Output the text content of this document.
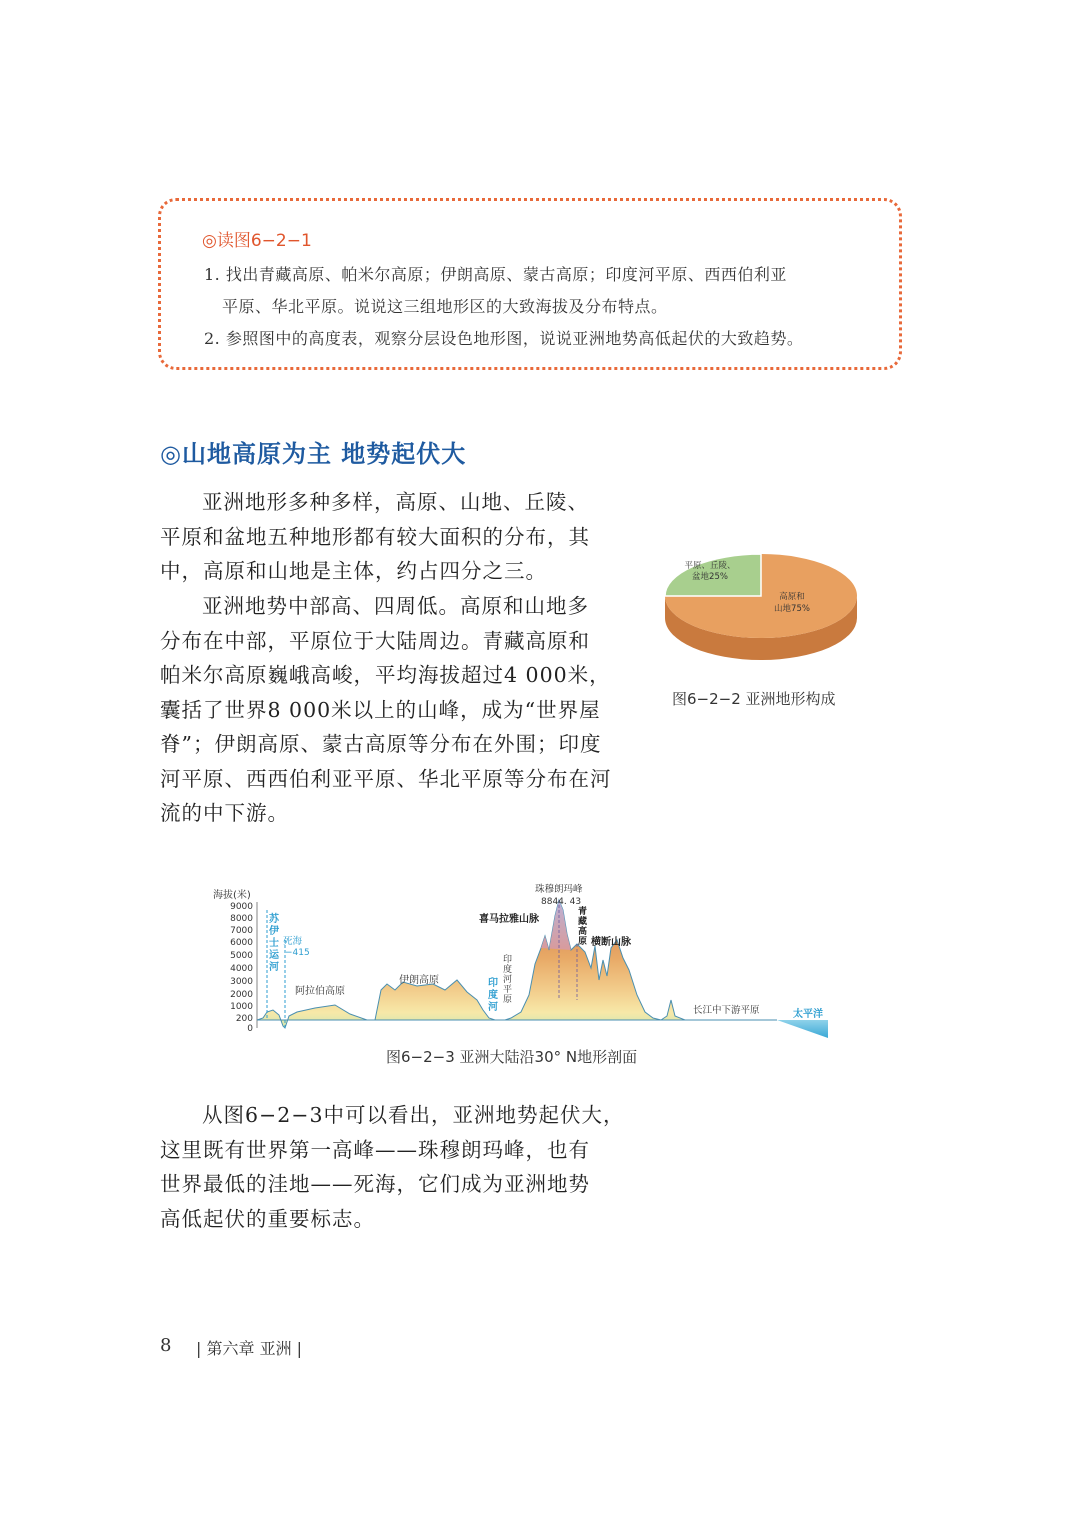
◎读图6−2−1
1. 找出青藏高原、帕米尔高原；伊朗高原、蒙古高原；印度河平原、西西伯利亚
平原、华北平原。说说这三组地形区的大致海拔及分布特点。
2. 参照图中的高度表，观察分层设色地形图，说说亚洲地势高低起伏的大致趋势。
◎山地高原为主 地势起伏大
亚洲地形多种多样，高原、山地、丘陵、
平原和盆地五种地形都有较大面积的分布，其
中，高原和山地是主体，约占四分之三。
亚洲地势中部高、四周低。高原和山地多
分布在中部，平原位于大陆周边。青藏高原和
帕米尔高原巍峨高峻，平均海拔超过4 000米，
囊括了世界8 000米以上的山峰，成为“世界屋
脊”；伊朗高原、蒙古高原等分布在外围；印度
河平原、西西伯利亚平原、华北平原等分布在河
流的中下游。
平原、丘陵、
盆地25%
高原和
山地75%
图6−2−2 亚洲地形构成
海拔(米)
9000
8000
7000
6000
5000
4000
3000
2000
1000
200
0
苏
伊
士
运
河
死海
−415
阿拉伯高原
伊朗高原
印
度
河
平
原
印
度
河
珠穆朗玛峰
8844. 43
喜马拉雅山脉
青
藏
高
原 横断山脉
长江中下游平原	太平洋
图6−2−3 亚洲大陆沿30° N地形剖面
从图6−2−3中可以看出，亚洲地势起伏大，
这里既有世界第一高峰——珠穆朗玛峰，也有
世界最低的洼地——死海，它们成为亚洲地势
高低起伏的重要标志。
8 | 第六章 亚洲 |
